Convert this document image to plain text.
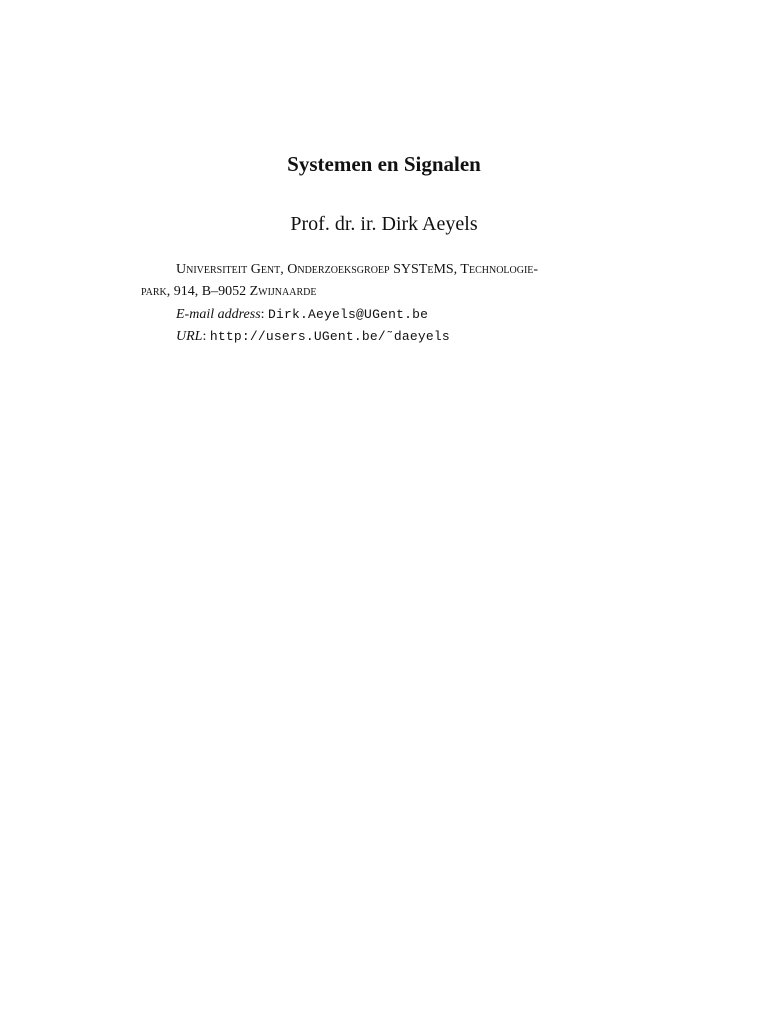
Systemen en Signalen
Prof. dr. ir. Dirk Aeyels
Universiteit Gent, Onderzoeksgroep SYSTeMS, Technologie-
park, 914, B–9052 Zwijnaarde
E-mail address: Dirk.Aeyels@UGent.be
URL: http://users.UGent.be/˜daeyels
